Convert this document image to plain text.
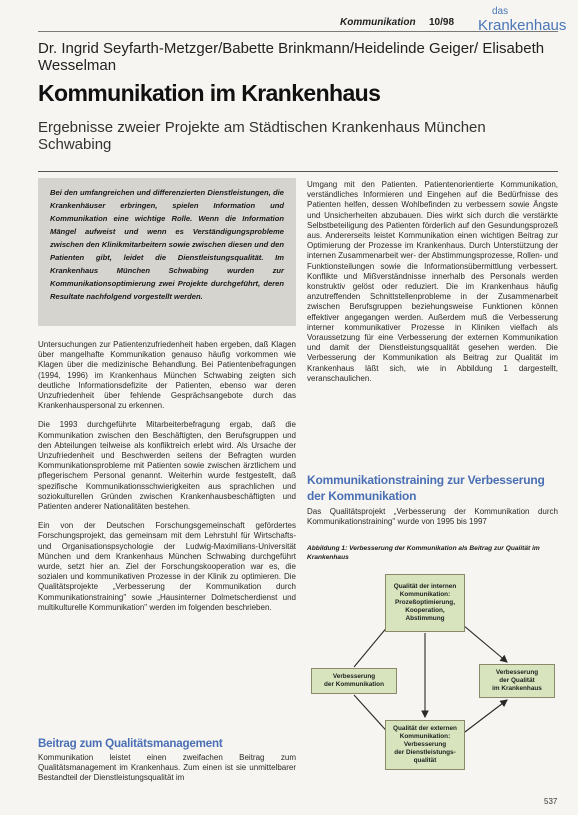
Kommunikation 10/98
das
Krankenhaus
Dr. Ingrid Seyfarth-Metzger/Babette Brinkmann/Heidelinde Geiger/ Elisabeth Wesselman
Kommunikation im Krankenhaus
Ergebnisse zweier Projekte am Städtischen Krankenhaus München Schwabing
Bei den umfangreichen und differenzierten Dienstleistungen, die Krankenhäuser erbringen, spielen Information und Kommunikation eine wichtige Rolle. Wenn die Information Mängel aufweist und wenn es Verständigungsprobleme zwischen den Klinikmitarbeitern sowie zwischen diesen und den Patienten gibt, leidet die Dienstleistungsqualität. Im Krankenhaus München Schwabing wurden zur Kommunikationsoptimierung zwei Projekte durchgeführt, deren Resultate nachfolgend vorgestellt werden.

Untersuchungen zur Patientenzufriedenheit haben ergeben, daß Klagen über mangelhafte Kommunikation genauso häufig vorkommen wie Klagen über die medizinische Behandlung. Bei Patientenbefragungen (1994, 1996) im Krankenhaus München Schwabing zeigten sich deutliche Informationsdefizite der Patienten, ebenso war deren Unzufriedenheit über fehlende Gesprächsangebote durch das Krankenhauspersonal zu erkennen.

Die 1993 durchgeführte Mitarbeiterbefragung ergab, daß die Kommunikation zwischen den Beschäftigten, den Berufsgruppen und den Abteilungen teilweise als konfliktreich erlebt wird. Als Ursache der Unzufriedenheit und Beschwerden seitens der Befragten wurden Kommunikationsprobleme mit Patienten sowie zwischen ärztlichem und pflegerischem Personal genannt. Weiterhin wurde festgestellt, daß spezifische Kommunikationsschwierigkeiten aus sprachlichen und soziokulturellen Gründen zwischen Krankenhausbeschäftigten und Patienten anderer Nationalitäten bestehen.

Ein von der Deutschen Forschungsgemeinschaft gefördertes Forschungsprojekt, das gemeinsam mit dem Lehrstuhl für Wirtschafts- und Organisationspsychologie der Ludwig-Maximilians-Universität München und dem Krankenhaus München Schwabing durchgeführt wurde, setzt hier an. Ziel der Forschungskooperation war es, die sozialen und kommunikativen Prozesse in der Klinik zu optimieren. Die Qualitätsprojekte „Verbesserung der Kommunikation durch Kommunikationstraining" sowie „Hausinterner Dolmetscherdienst und multikulturelle Kommunikation" werden im folgenden beschrieben.

Beitrag zum Qualitätsmanagement

Kommunikation leistet einen zweifachen Beitrag zum Qualitätsmanagement im Krankenhaus. Zum einen ist sie unmittelbarer Bestandteil der Dienstleistungsqualität im

Umgang mit den Patienten. Patientenorientierte Kommunikation, verständliches Informieren und Eingehen auf die Bedürfnisse des Patienten helfen, dessen Wohlbefinden zu verbessern sowie Ängste und Unsicherheiten abzubauen. Dies wirkt sich durch die verstärkte Selbstbeteiligung des Patienten förderlich auf den Gesundungsprozeß aus. Andererseits leistet Kommunikation einen wichtigen Beitrag zur Optimierung der Prozesse im Krankenhaus. Durch Unterstützung der internen Zusammenarbeit wer- der Abstimmungsprozesse, Rollen- und Funktionsteilungen sowie die Informationsübermittlung verbessert. Konflikte und Mißverständnisse innerhalb des Personals werden konstruktiv gelöst oder reduziert. Die im Krankenhaus häufig anzutreffenden Schnittstellenprobleme in der Zusammenarbeit zwischen Berufsgruppen beziehungsweise Funktionen können effektiver angegangen werden. Außerdem muß die Verbesserung interner kommunikativer Prozesse in Kliniken vielfach als Voraussetzung für eine Verbesserung der externen Kommunikation und damit der Dienstleistungsqualität gesehen werden. Die Verbesserung der Kommunikation als Beitrag zur Qualität im Krankenhaus läßt sich, wie in Abbildung 1 dargestellt, veranschaulichen.

Kommunikationstraining zur Verbesserung der Kommunikation

Das Qualitätsprojekt „Verbesserung der Kommunikation durch Kommunikationstraining" wurde von 1995 bis 1997

Abbildung 1: Verbesserung der Kommunikation als Beitrag zur Qualität im Krankenhaus
Qualität der internen
Kommunikation:
Prozeßoptimierung,
Kooperation,
Abstimmung
Verbesserung
der Kommunikation
Verbesserung
der Qualität
im Krankenhaus
Qualität der externen
Kommunikation:
Verbesserung
der Dienstleistungs-
qualität
537
